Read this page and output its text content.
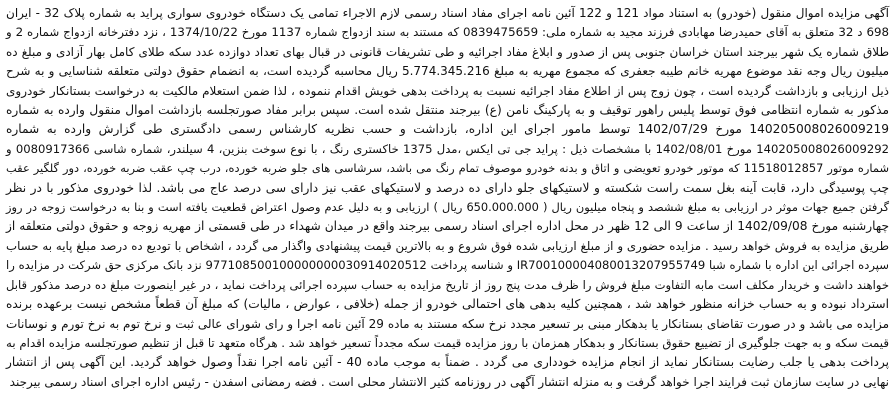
آگهی مزایده اموال منقول (خودرو) به استناد مواد 121 و 122 آئین نامه اجرای مفاد اسناد رسمی لازم الاجراء تمامی یک دستگاه خودروی سواری پراید به شماره پلاک 32 - ایران
698 د 32 متعلق به آقای حمیدرضا مهابادی فرزند مجید به شماره ملی: 0839475659 که مستند به سند ازدواج شماره 1137 مورخ 1374/10/22 ، نزد دفترخانه ازدواج شماره 2 و
طلاق شماره یک شهر بیرجند استان خراسان جنوبی پس از صدور و ابلاغ مفاد اجرائیه و طی تشریفات قانونی در قبال بهای تعداد دوازده عدد سکه طلای کامل بهار آزادی و مبلغ ده
میلیون ریال وجه نقد موضوع مهریه خانم طیبه جعفری که مجموع مهریه به مبلغ 5.774.345.216 ریال محاسبه گردیده است، به انضمام حقوق دولتی متعلقه شناسایی و به شرح
ذیل ارزیابی و بازداشت گردیده است ، چون زوج پس از اطلاع مفاد اجرائیه نسبت به پرداخت بدهی خویش اقدام ننموده ، لذا ضمن استعلام مالکیت به درخواست بستانکار خودروی
مذکور به شماره انتظامی فوق توسط پلیس راهور توقیف و به پارکینگ نامن (ع) بیرجند منتقل شده است. سپس برابر مفاد صورتجلسه بازداشت اموال منقول وارده به شماره
140205008026009219 مورخ 1402/07/29 توسط مامور اجرای این اداره، بازداشت و حسب نظریه کارشناس رسمی دادگستری طی گزارش وارده به شماره
140205008026009292 مورخ 1402/08/01 با مشخصات ذیل : پراید جی تی ایکس ،مدل 1375 خاکستری رنگ ، با نوع سوخت بنزین، 4 سیلندر، شماره شاسی 0080917366 و
شماره موتور 11518012857 که موتور خودرو تعویضی و اتاق و بدنه خودرو موصوف تمام رنگ می باشد، سرشاسی های جلو ضربه خورده، درب چپ عقب ضربه خورده، دور گلگیر عقب
چپ پوسیدگی دارد، قابت آینه بغل سمت راست شکسته و لاستیکهای جلو دارای ده درصد و لاستیکهای عقب نیز دارای سی درصد عاج می باشد. لذا خودروی مذکور با در نظر
گرفتن جمیع جهات موثر در ارزیابی به مبلغ ششصد و پنجاه میلیون ریال ( 650.000.000 ریال ) ارزیابی و به دلیل عدم وصول اعتراض قطعیت یافته است و بنا به درخواست زوجه در روز
چهارشنبه مورخ 1402/09/08 از ساعت 9 الی 12 ظهر در محل اداره اجرای اسناد رسمی بیرجند واقع در میدان شهداء در طی قسمتی از مهریه زوجه و حقوق دولتی متعلقه از
طریق مزایده به فروش خواهد رسید . مزایده حضوری و از مبلغ ارزیابی شده فوق شروع و به بالاترین قیمت پیشنهادی واگذار می گردد ، اشخاص با تودیع ده درصد مبلغ پایه به حساب
سپرده اجرائی این اداره با شماره شبا IR700100004080013207955749 و شناسه پرداخت 977108500100000000030914020512 نزد بانک مرکزی حق شرکت در مزایده را
خواهند داشت و خریدار مکلف است مابه التفاوت مبلغ فروش را ظرف مدت پنج روز از تاریخ مزایده به حساب سپرده اجرائی پرداخت نماید ، در غیر اینصورت مبلغ ده درصد مذکور قابل
استرداد نبوده و به حساب خزانه منظور خواهد شد ، همچنین کلیه بدهی های احتمالی خودرو از جمله (خلافی ، عوارض ، مالیات) که مبلغ آن قطعاً مشخص نیست برعهده برنده
مزایده می باشد و در صورت تقاضای بستانکار یا بدهکار مبنی بر تسعیر مجدد نرخ سکه مستند به ماده 29 آئین نامه اجرا و رای شورای عالی ثبت و نرخ توم به نرخ تورم و نوسانات
قیمت سکه و به جهت جلوگیری از تضییع حقوق بستانکار و بدهکار همزمان با روز مزایده قیمت سکه مجدداً تسعیر خواهد شد . هرگاه متعهد تا قبل از تنظیم صورتجلسه مزایده اقدام به
پرداخت بدهی یا جلب رضایت بستانکار نماید از انجام مزایده خودداری می گردد . ضمناً به موجب ماده 40 - آئین نامه اجرا نقداً وصول خواهد گردید. این آگهی پس از انتشار
نهایی در سایت سازمان ثبت فرایند اجرا خواهد گرفت و به منزله انتشار آگهی در روزنامه کثیر الانتشار محلی است . فضه رمضانی اسفدن - رئیس اداره اجرای اسناد رسمی بیرجند
